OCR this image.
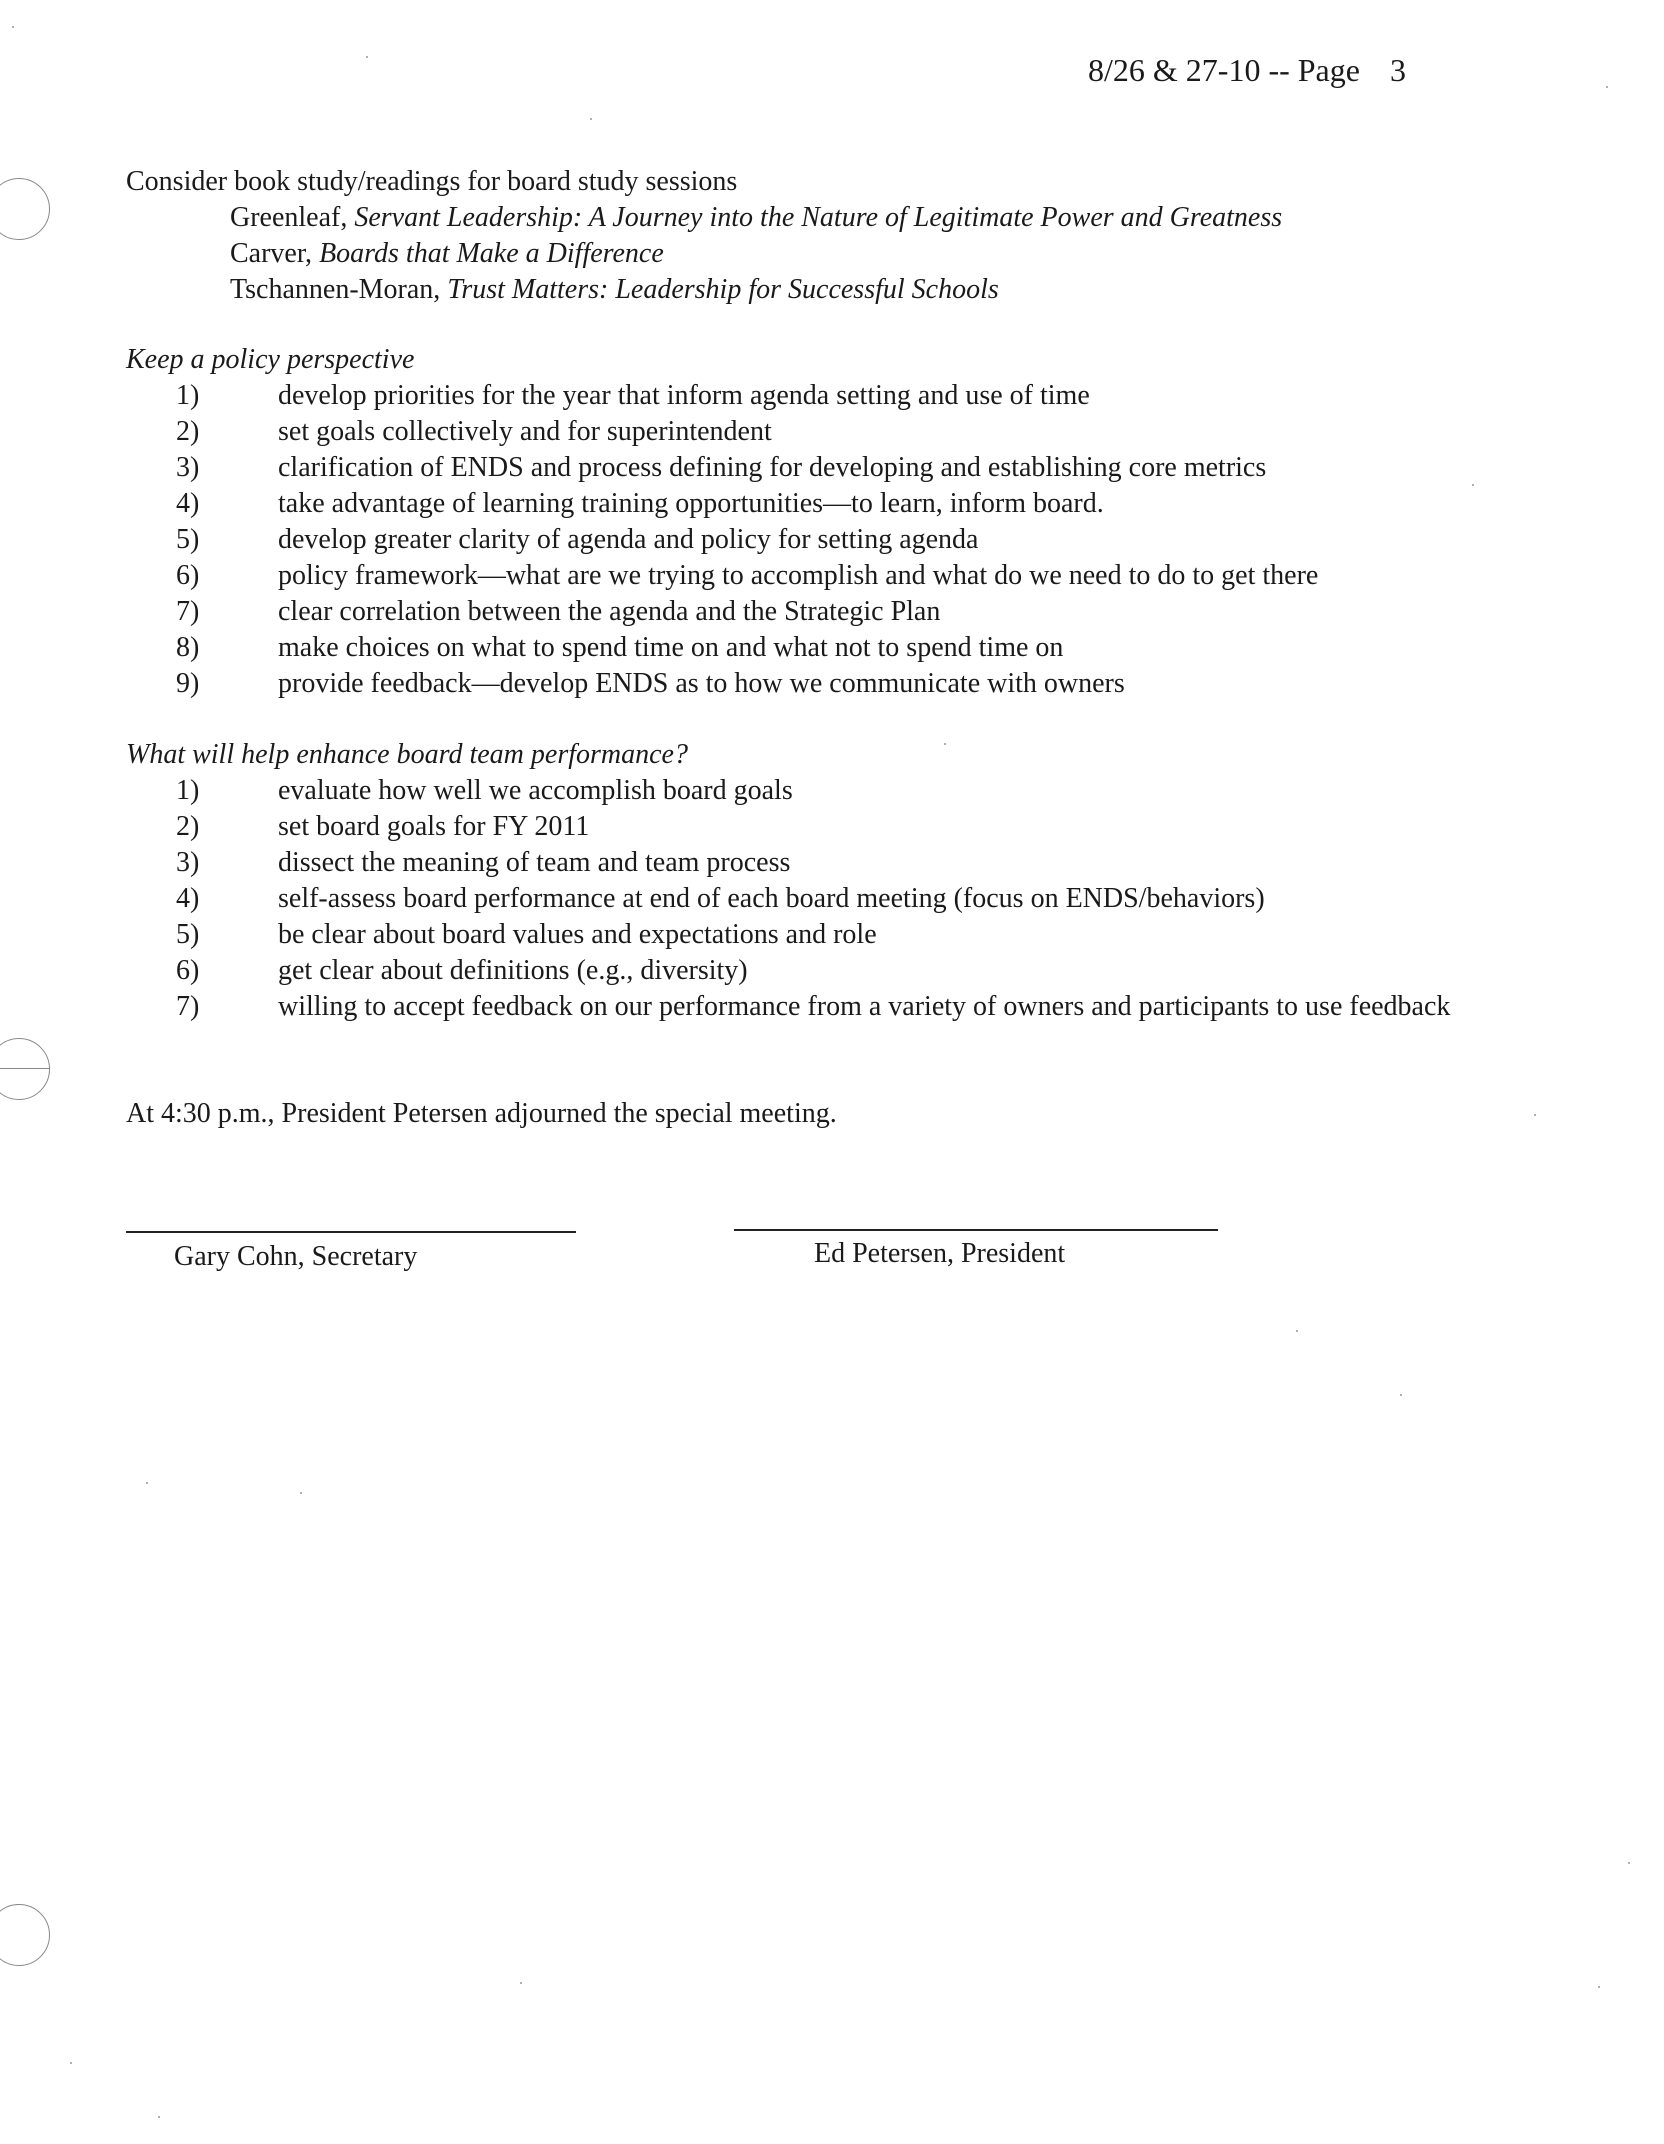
8/26 & 27-10 -- Page 3
Consider book study/readings for board study sessions
Greenleaf, Servant Leadership: A Journey into the Nature of Legitimate Power and Greatness
Carver, Boards that Make a Difference
Tschannen-Moran, Trust Matters: Leadership for Successful Schools
Keep a policy perspective
1)	develop priorities for the year that inform agenda setting and use of time
2)	set goals collectively and for superintendent
3)	clarification of ENDS and process defining for developing and establishing core metrics
4)	take advantage of learning training opportunities—to learn, inform board.
5)	develop greater clarity of agenda and policy for setting agenda
6)	policy framework—what are we trying to accomplish and what do we need to do to get there
7)	clear correlation between the agenda and the Strategic Plan
8)	make choices on what to spend time on and what not to spend time on
9)	provide feedback—develop ENDS as to how we communicate with owners
What will help enhance board team performance?
1)	evaluate how well we accomplish board goals
2)	set board goals for FY 2011
3)	dissect the meaning of team and team process
4)	self-assess board performance at end of each board meeting (focus on ENDS/behaviors)
5)	be clear about board values and expectations and role
6)	get clear about definitions (e.g., diversity)
7)	willing to accept feedback on our performance from a variety of owners and participants to use feedback
At 4:30 p.m., President Petersen adjourned the special meeting.
Gary Cohn, Secretary	Ed Petersen, President
